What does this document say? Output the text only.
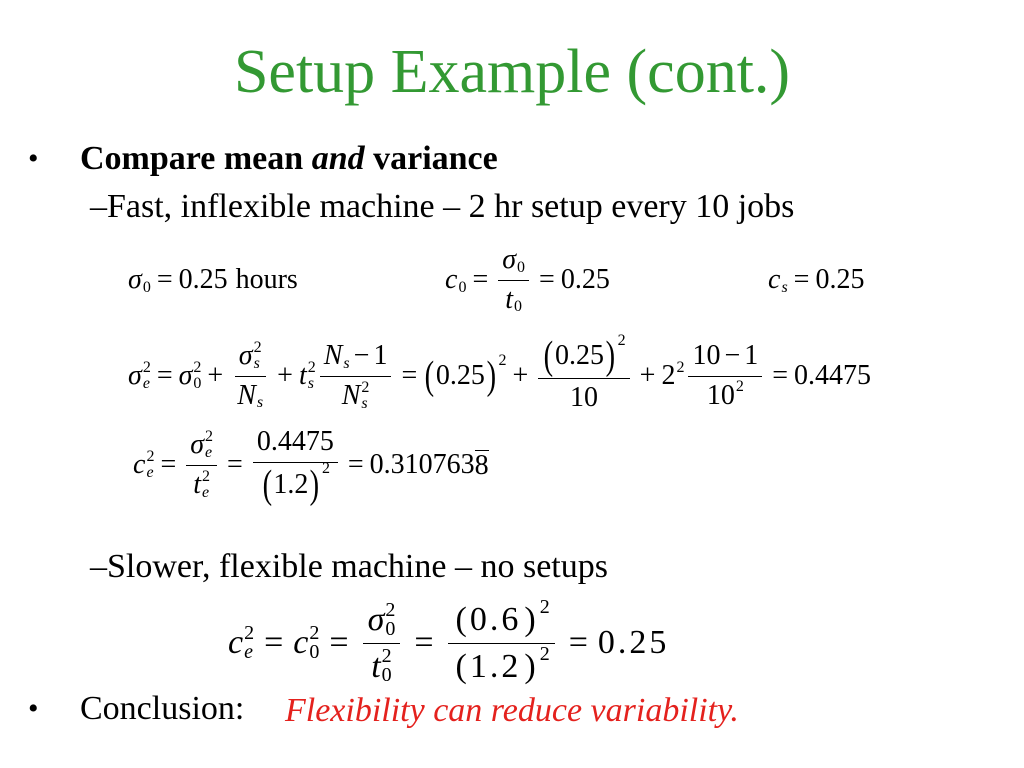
Setup Example (cont.)
• Compare mean and variance
–Fast, inflexible machine – 2 hr setup every 10 jobs
σ 0 = 0.25 hours	c $0 = \frac{\sigma 0}{t 0} = 0.25$	c s = 0.25
σ 2
e = σ 2
0 + σ 2
s
N s + t 2
s N s − 1
N 2
s = ( 0.25 ) $2 + \frac{( 0.25 ) 2}{10} + 2$ $2 \frac{10 - 1}{10 2} = 0.4475$
c 2
e = σ 2
e
t 2
$e = \frac{0.4475}{( 1.2 ) 2} = 0.310763$ 8
–Slower, flexible machine – no setups
c 2
e = c 2
0 = σ 2
0
t 2
$0 = \frac{( 0.6 ) 2}{( 1.2 ) 2} = 0.25$
• Conclusion: Flexibility can reduce variability.
